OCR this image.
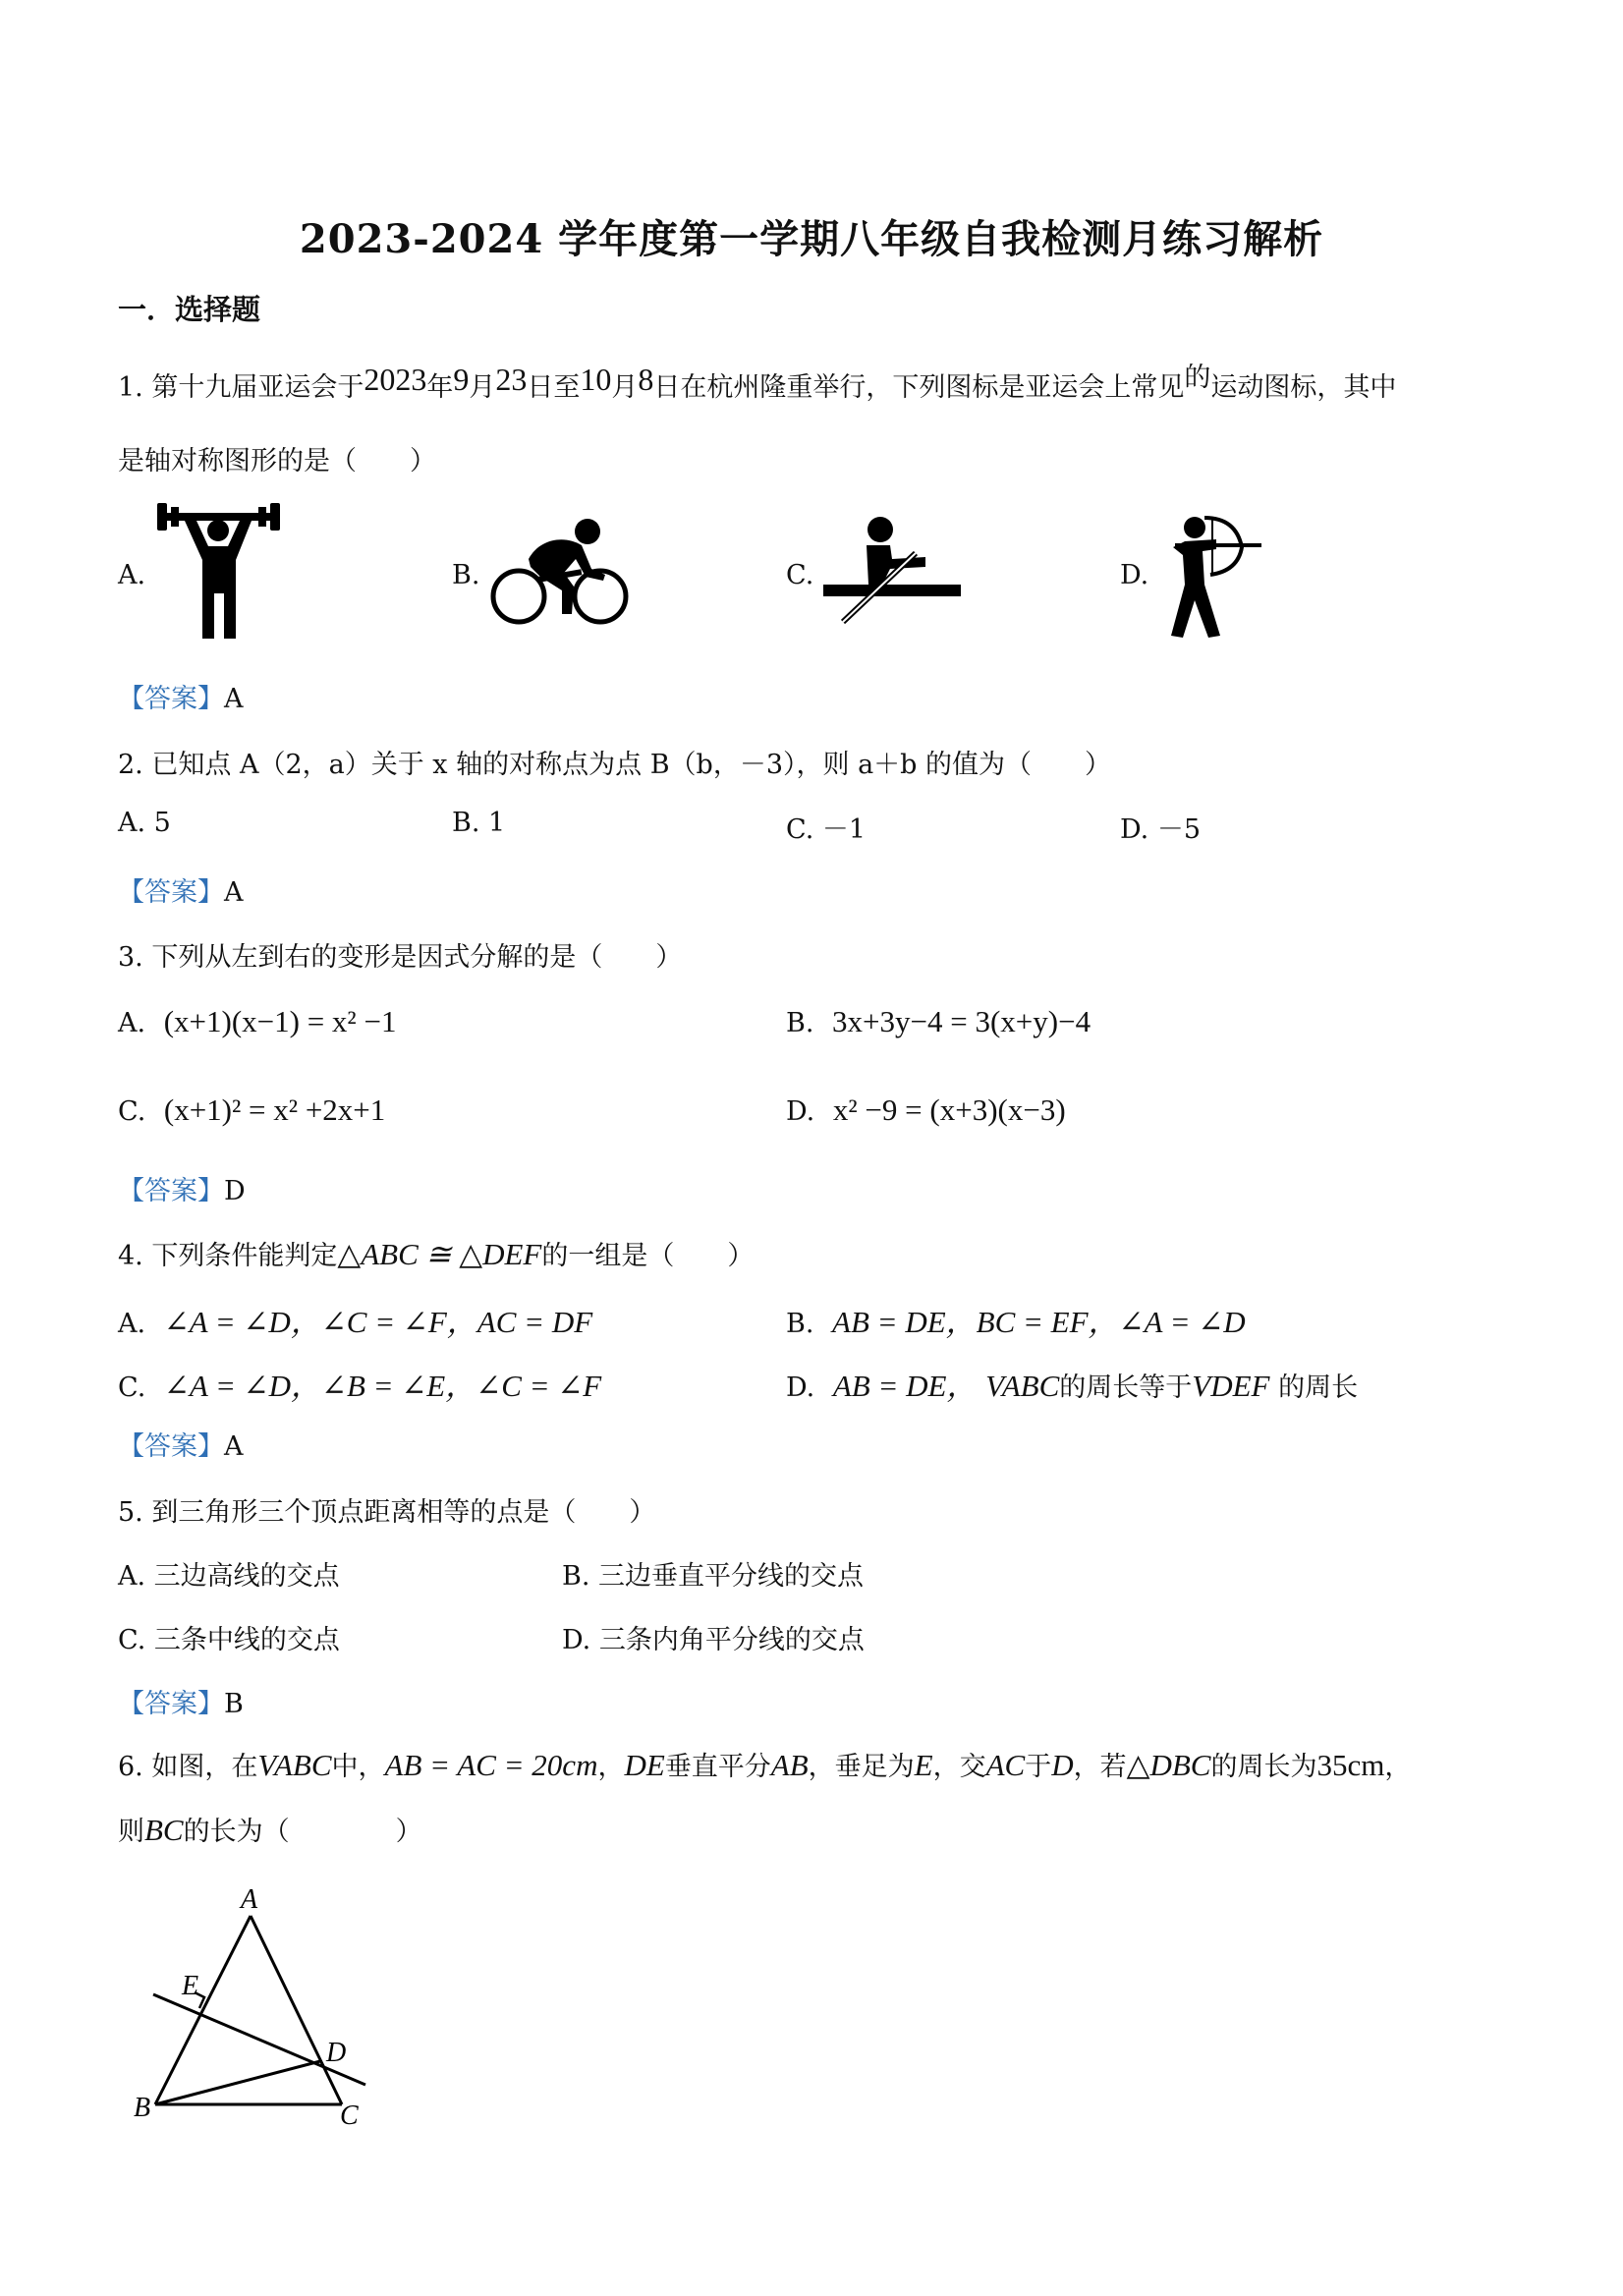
2023-2024 学年度第一学期八年级自我检测月练习解析
一．选择题
1. 第十九届亚运会于2023年9月23日至10月8日在杭州隆重举行，下列图标是亚运会上常见的运动图标，其中
是轴对称图形的是（　　）
A.	B.	C.	D.
【答案】A
2. 已知点 A（2，a）关于 x 轴的对称点为点 B（b，－3），则 a＋b 的值为（　　）
A. 5	B. 1	C. －1	D. －5
【答案】A
3. 下列从左到右的变形是因式分解的是（　　）
A. (x+1)(x−1) = x² −1	B. 3x+3y−4 = 3(x+y)−4
C. (x+1)² = x² +2x+1	D. x² −9 = (x+3)(x−3)
【答案】D
4. 下列条件能判定△ABC ≅ △DEF的一组是（　　）
A. ∠A = ∠D，∠C = ∠F，AC = DF	B. AB = DE，BC = EF，∠A = ∠D
C. ∠A = ∠D，∠B = ∠E，∠C = ∠F	D. AB = DE， VABC的周长等于VDEF 的周长
【答案】A
5. 到三角形三个顶点距离相等的点是（　　）
A. 三边高线的交点	B. 三边垂直平分线的交点
C. 三条中线的交点	D. 三条内角平分线的交点
【答案】B
6. 如图，在VABC中，AB = AC = 20cm，DE垂直平分AB，垂足为E，交AC于D，若△DBC的周长为35cm，
则BC的长为（　　　　）
A
E
D
B	C
